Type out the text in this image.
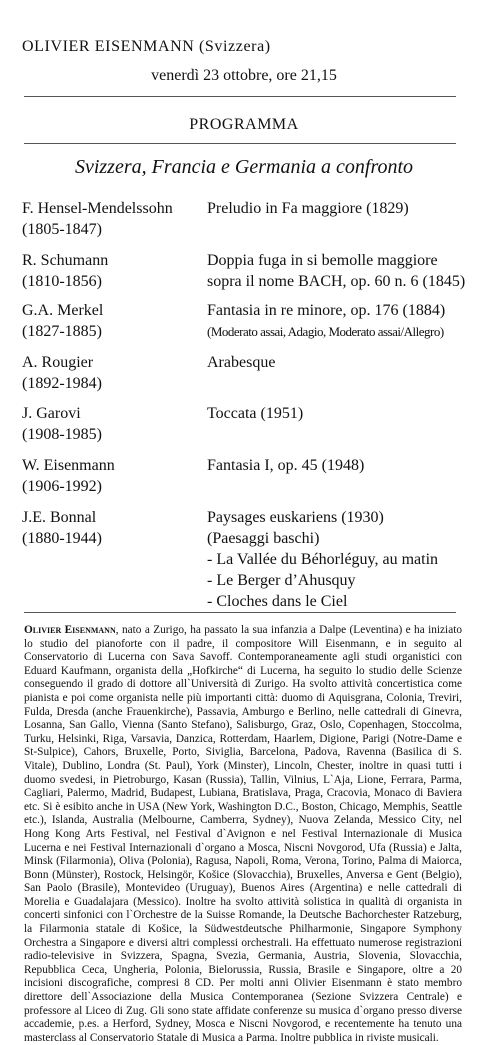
OLIVIER EISENMANN (Svizzera)
venerdì 23 ottobre, ore 21,15
PROGRAMMA
Svizzera, Francia e Germania a confronto
F. Hensel-Mendelssohn
(1805-1847)
Preludio in Fa maggiore (1829)
R. Schumann
(1810-1856)
Doppia fuga in si bemolle maggiore
sopra il nome BACH, op. 60 n. 6 (1845)
G.A. Merkel
(1827-1885)
Fantasia in re minore, op. 176 (1884)
(Moderato assai, Adagio, Moderato assai/Allegro)
A. Rougier
(1892-1984)
Arabesque
J. Garovi
(1908-1985)
Toccata (1951)
W. Eisenmann
(1906-1992)
Fantasia I, op. 45 (1948)
J.E. Bonnal
(1880-1944)
Paysages euskariens (1930)
(Paesaggi baschi)
- La Vallée du Béhorléguy, au matin
- Le Berger d’Ahusquy
- Cloches dans le Ciel
Olivier Eisenmann, nato a Zurigo, ha passato la sua infanzia a Dalpe (Leventina) e ha iniziato lo studio del pianoforte con il padre, il compositore Will Eisenmann, e in seguito al Conservatorio di Lucerna con Sava Savoff. Contemporaneamente agli studi organistici con Eduard Kaufmann, organista della „Hofkirche“ di Lucerna, ha seguito lo studio delle Scienze conseguendo il grado di dottore all`Università di Zurigo. Ha svolto attività concertistica come pianista e poi come organista nelle più importanti città: duomo di Aquisgrana, Colonia, Treviri, Fulda, Dresda (anche Frauenkirche), Passavia, Amburgo e Berlino, nelle cattedrali di Ginevra, Losanna, San Gallo, Vienna (Santo Stefano), Salisburgo, Graz, Oslo, Copenhagen, Stoccolma, Turku, Helsinki, Riga, Varsavia, Danzica, Rotterdam, Haarlem, Digione, Parigi (Notre-Dame e St-Sulpice), Cahors, Bruxelle, Porto, Siviglia, Barcelona, Padova, Ravenna (Basilica di S. Vitale), Dublino, Londra (St. Paul), York (Minster), Lincoln, Chester, inoltre in quasi tutti i duomo svedesi, in Pietroburgo, Kasan (Russia), Tallin, Vilnius, L`Aja, Lione, Ferrara, Parma, Cagliari, Palermo, Madrid, Budapest, Lubiana, Bratislava, Praga, Cracovia, Monaco di Baviera etc. Si è esibito anche in USA (New York, Washington D.C., Boston, Chicago, Memphis, Seattle etc.), Islanda, Australia (Melbourne, Camberra, Sydney), Nuova Zelanda, Messico City, nel Hong Kong Arts Festival, nel Festival d`Avignon e nel Festival Internazionale di Musica Lucerna e nei Festival Internazionali d`organo a Mosca, Niscni Novgorod, Ufa (Russia) e Jalta, Minsk (Filarmonia), Oliva (Polonia), Ragusa, Napoli, Roma, Verona, Torino, Palma di Maiorca, Bonn (Münster), Rostock, Helsingör, Košice (Slovacchia), Bruxelles, Anversa e Gent (Belgio), San Paolo (Brasile), Montevideo (Uruguay), Buenos Aires (Argentina) e nelle cattedrali di Morelia e Guadalajara (Messico). Inoltre ha svolto attività solistica in qualità di organista in concerti sinfonici con l`Orchestre de la Suisse Romande, la Deutsche Bachorchester Ratzeburg, la Filarmonia statale di Košice, la Südwestdeutsche Philharmonie, Singapore Symphony Orchestra a Singapore e diversi altri complessi orchestrali. Ha effettuato numerose registrazioni radio-televisive in Svizzera, Spagna, Svezia, Germania, Austria, Slovenia, Slovacchia, Repubblica Ceca, Ungheria, Polonia, Bielorussia, Russia, Brasile e Singapore, oltre a 20 incisioni discografiche, compresi 8 CD. Per molti anni Olivier Eisenmann è stato membro direttore dell`Associazione della Musica Contemporanea (Sezione Svizzera Centrale) e professore al Liceo di Zug. Gli sono state affidate conferenze su musica d`organo presso diverse accademie, p.es. a Herford, Sydney, Mosca e Niscni Novgorod, e recentemente ha tenuto una masterclass al Conservatorio Statale di Musica a Parma. Inoltre pubblica in riviste musicali.
